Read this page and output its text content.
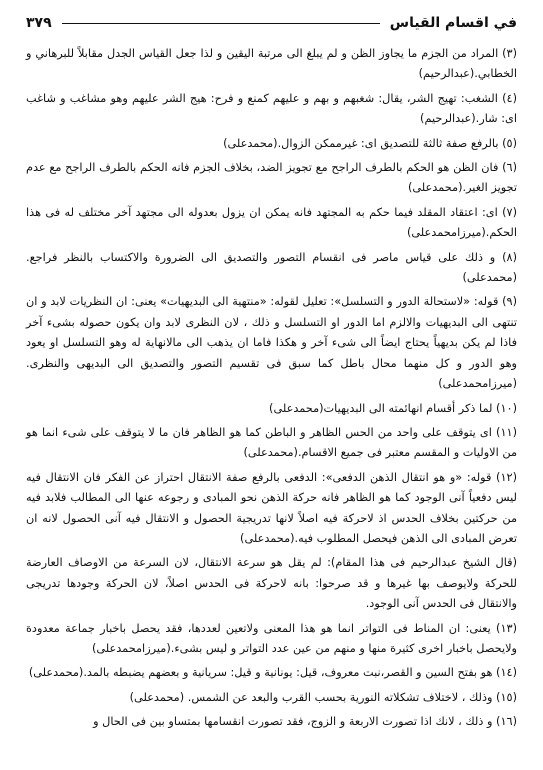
في اقسام القياس
٣٧٩

(٣) المراد من الجزم ما يجاوز الظن و لم يبلغ الى مرتبة اليقين و لذا جعل القياس الجدل مقابلاً للبرهاني و الخطابي.(عبدالرحيم)

(٤) الشغب: تهيج الشر، يقال: شغبهم و بهم و عليهم كمنع و فرح: هيج الشر عليهم وهو مشاغب و شاغب اى: شار.(عبدالرحيم)

(٥) بالرفع صفة ثالثة للتصديق اى: غيرممكن الزوال.(محمدعلى)

(٦) فان الظن هو الحكم بالطرف الراجح مع تجويز الضد، بخلاف الجزم فانه الحكم بالطرف الراجح مع عدم تجويز الغير.(محمدعلى)

(٧) اى: اعتقاد المقلد فيما حكم به المجتهد فانه يمكن ان يزول بعدوله الى مجتهد آخر مختلف له فى هذا الحكم.(ميرزامحمدعلى)

(٨) و ذلك على قياس ماصر فى انقسام التصور والتصديق الى الضرورة والاكتساب بالنظر فراجع.(محمدعلى)

(٩) قوله: «لاستحالة الدور و التسلسل»: تعليل لقوله: «منتهية الى البديهيات» يعنى: ان النظريات لابد و ان تنتهى الى البديهيات والالزم اما الدور او التسلسل و ذلك ، لان النظرى لابد وان يكون حصوله بشىء آخر فاذا لم يكن بديهياً يحتاج ايضاً الى شىء آخر و هكذا فاما ان يذهب الى مالانهاية له وهو التسلسل او يعود وهو الدور و كل منهما محال باطل كما سبق فى تقسيم التصور والتصديق الى البديهى والنظرى.(ميرزامحمدعلى)

(١٠) لما ذكر أقسام انهائمته الى البديهيات(محمدعلى)

(١١) اى يتوقف على واحد من الحس الظاهر و الباطن كما هو الظاهر فان ما لا يتوقف على شىء انما هو من الاوليات و المقسم معتبر فى جميع الاقسام.(محمدعلى)

(١٢) قوله: «و هو انتقال الذهن الدفعى»: الدفعى بالرفع صفة الانتقال احتراز عن الفكر فان الانتقال فيه ليس دفعياً آنى الوجود كما هو الظاهر فانه حركة الذهن نحو المبادى و رجوعه عنها الى المطالب فلابد فيه من حركتين بخلاف الحدس اذ لاحركة فيه اصلاً لانها تدريجية الحصول و الانتقال فيه آنى الحصول لانه ان تعرض المبادى الى الذهن فيحصل المطلوب فيه.(محمدعلى)

(قال الشيخ عبدالرحيم فى هذا المقام): لم يقل هو سرعة الانتقال، لان السرعة من الاوصاف العارضة للحركة ولايوصف بها غيرها و قد صرحوا: بانه لاحركة فى الحدس اصلاً، لان الحركة وجودها تدريجى والانتقال فى الحدس آنى الوجود.

(١٣) يعنى: ان المناط فى التواتر انما هو هذا المعنى ولاتعين لعددها، فقد يحصل باخبار جماعة معدودة ولايحصل باخبار اخرى كثيرة منها و منهم من عين عدد التواتر و ليس بشىء.(ميرزامحمدعلى)

(١٤) هو بفتح السين و القصر،نبت معروف، قيل: يونانية و قيل: سريانية و بعضهم يضبطه بالمد.(محمدعلى)

(١٥) وذلك ، لاختلاف تشكلاته النورية بحسب القرب والبعد عن الشمس. (محمدعلى)

(١٦) و ذلك ، لانك اذا تصورت الاربعة و الزوج، فقد تصورت انقسامها بمتساو بين فى الحال و
